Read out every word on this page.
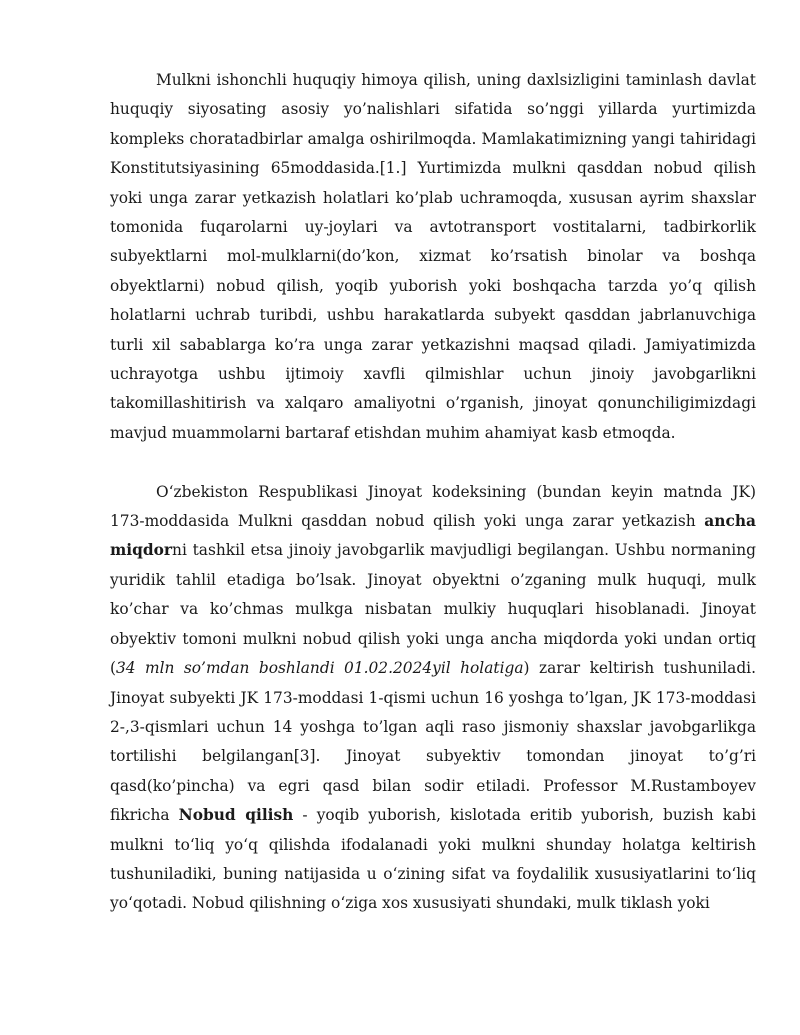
Mulkni ishonchli huquqiy himoya qilish, uning daxlsizligini taminlash davlat huquqiy siyosating asosiy yo’nalishlari sifatida so’nggi yillarda yurtimizda kompleks choratadbirlar amalga oshirilmoqda. Mamlakatimizning yangi tahiridagi Konstitutsiyasining 65moddasida.[1.] Yurtimizda mulkni qasddan nobud qilish yoki unga zarar yetkazish holatlari ko’plab uchramoqda, xususan ayrim shaxslar tomonida fuqarolarni uy-joylari va avtotransport vostitalarni, tadbirkorlik subyektlarni mol-mulklarni(do’kon, xizmat ko’rsatish binolar va boshqa obyektlarni) nobud qilish, yoqib yuborish yoki boshqacha tarzda yo’q qilish holatlarni uchrab turibdi, ushbu harakatlarda subyekt qasddan jabrlanuvchiga turli xil sabablarga ko’ra unga zarar yetkazishni maqsad qiladi. Jamiyatimizda uchrayotga ushbu ijtimoiy xavfli qilmishlar uchun jinoiy javobgarlikni takomillashitirish va xalqaro amaliyotni o’rganish, jinoyat qonunchiligimizdagi mavjud muammolarni bartaraf etishdan muhim ahamiyat kasb etmoqda.

O‘zbekiston Respublikasi Jinoyat kodeksining (bundan keyin matnda JK) 173-moddasida Mulkni qasddan nobud qilish yoki unga zarar yetkazish ancha miqdorni tashkil etsa jinoiy javobgarlik mavjudligi begilangan. Ushbu normaning yuridik tahlil etadiga bo’lsak. Jinoyat obyektni o’zganing mulk huquqi, mulk ko’char va ko’chmas mulkga nisbatan mulkiy huquqlari hisoblanadi. Jinoyat obyektiv tomoni mulkni nobud qilish yoki unga ancha miqdorda yoki undan ortiq (34 mln so’mdan boshlandi 01.02.2024yil holatiga) zarar keltirish tushuniladi. Jinoyat subyekti JK 173-moddasi 1-qismi uchun 16 yoshga to’lgan, JK 173-moddasi 2-,3-qismlari uchun 14 yoshga to’lgan aqli raso jismoniy shaxslar javobgarlikga tortilishi belgilangan[3]. Jinoyat subyektiv tomondan jinoyat to’g’ri qasd(ko’pincha) va egri qasd bilan sodir etiladi. Professor M.Rustamboyev fikricha Nobud qilish - yoqib yuborish, kislotada eritib yuborish, buzish kabi mulkni to‘liq yo‘q qilishda ifodalanadi yoki mulkni shunday holatga keltirish tushuniladiki, buning natijasida u o‘zining sifat va foydalilik xususiyatlarini to‘liq yo‘qotadi. Nobud qilishning o‘ziga xos xususiyati shundaki, mulk tiklash yoki
